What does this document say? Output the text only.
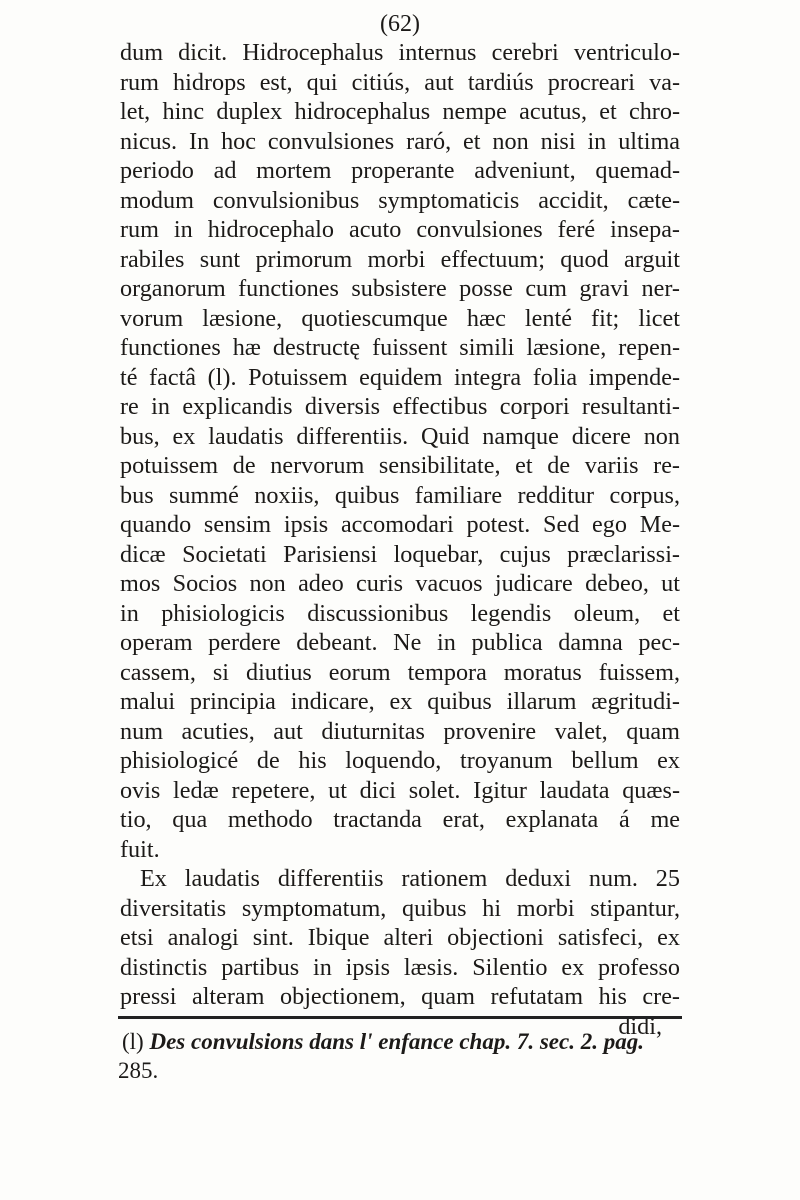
(62)
dum dicit. Hidrocephalus internus cerebri ventriculo-
rum hidrops est, qui citiús, aut tardiús procreari va-
let, hinc duplex hidrocephalus nempe acutus, et chro-
nicus. In hoc convulsiones raró, et non nisi in ultima
periodo ad mortem properante adveniunt, quemad-
modum convulsionibus symptomaticis accidit, cæte-
rum in hidrocephalo acuto convulsiones feré insepa-
rabiles sunt primorum morbi effectuum; quod arguit
organorum functiones subsistere posse cum gravi ner-
vorum læsione, quotiescumque hæc lenté fit; licet
functiones hæ destructę fuissent simili læsione, repen-
té factâ (l). Potuissem equidem integra folia impende-
re in explicandis diversis effectibus corpori resultanti-
bus, ex laudatis differentiis. Quid namque dicere non
potuissem de nervorum sensibilitate, et de variis re-
bus summé noxiis, quibus familiare redditur corpus,
quando sensim ipsis accomodari potest. Sed ego Me-
dicæ Societati Parisiensi loquebar, cujus præclarissi-
mos Socios non adeo curis vacuos judicare debeo, ut
in phisiologicis discussionibus legendis oleum, et
operam perdere debeant. Ne in publica damna pec-
cassem, si diutius eorum tempora moratus fuissem,
malui principia indicare, ex quibus illarum ægritudi-
num acuties, aut diuturnitas provenire valet, quam
phisiologicé de his loquendo, troyanum bellum ex
ovis ledæ repetere, ut dici solet. Igitur laudata quæs-
tio, qua methodo tractanda erat, explanata á me
fuit.
Ex laudatis differentiis rationem deduxi num. 25
diversitatis symptomatum, quibus hi morbi stipantur,
etsi analogi sint. Ibique alteri objectioni satisfeci, ex
distinctis partibus in ipsis læsis. Silentio ex professo
pressi alteram objectionem, quam refutatam his cre-
didi,
(l) Des convulsions dans l' enfance chap. 7. sec. 2. pag.
285.
